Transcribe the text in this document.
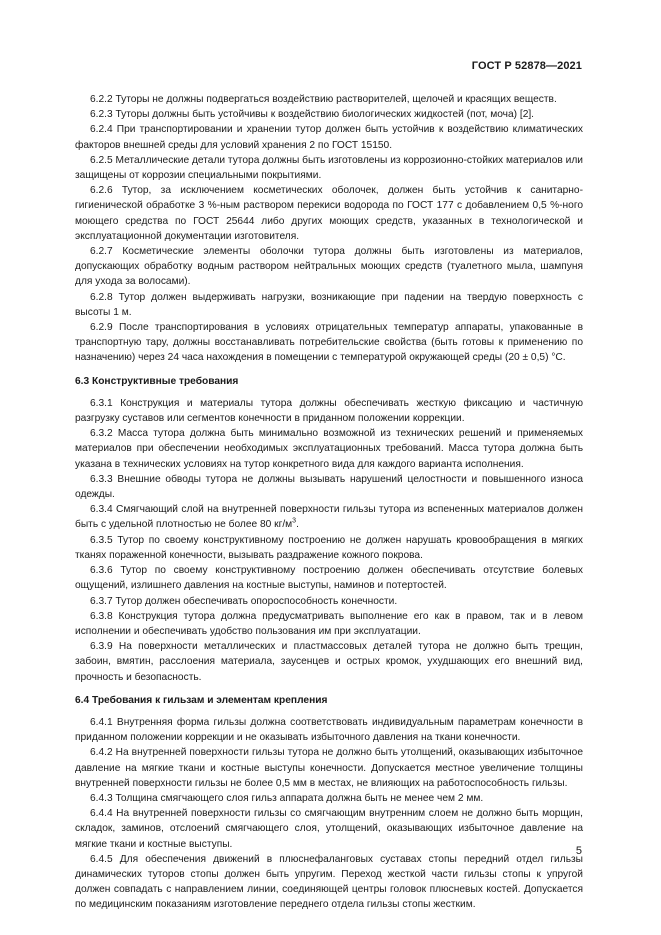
ГОСТ Р 52878—2021

6.2.2 Туторы не должны подвергаться воздействию растворителей, щелочей и красящих веществ.

6.2.3 Туторы должны быть устойчивы к воздействию биологических жидкостей (пот, моча) [2].

6.2.4 При транспортировании и хранении тутор должен быть устойчив к воздействию климатических факторов внешней среды для условий хранения 2 по ГОСТ 15150.

6.2.5 Металлические детали тутора должны быть изготовлены из коррозионно-стойких материалов или защищены от коррозии специальными покрытиями.

6.2.6 Тутор, за исключением косметических оболочек, должен быть устойчив к санитарно-гигиенической обработке 3 %-ным раствором перекиси водорода по ГОСТ 177 с добавлением 0,5 %-ного моющего средства по ГОСТ 25644 либо других моющих средств, указанных в технологической и эксплуатационной документации изготовителя.

6.2.7 Косметические элементы оболочки тутора должны быть изготовлены из материалов, допускающих обработку водным раствором нейтральных моющих средств (туалетного мыла, шампуня для ухода за волосами).

6.2.8 Тутор должен выдерживать нагрузки, возникающие при падении на твердую поверхность с высоты 1 м.

6.2.9 После транспортирования в условиях отрицательных температур аппараты, упакованные в транспортную тару, должны восстанавливать потребительские свойства (быть готовы к применению по назначению) через 24 часа нахождения в помещении с температурой окружающей среды (20 ± 0,5) °С.

6.3 Конструктивные требования

6.3.1 Конструкция и материалы тутора должны обеспечивать жесткую фиксацию и частичную разгрузку суставов или сегментов конечности в приданном положении коррекции.

6.3.2 Масса тутора должна быть минимально возможной из технических решений и применяемых материалов при обеспечении необходимых эксплуатационных требований. Масса тутора должна быть указана в технических условиях на тутор конкретного вида для каждого варианта исполнения.

6.3.3 Внешние обводы тутора не должны вызывать нарушений целостности и повышенного износа одежды.

6.3.4 Смягчающий слой на внутренней поверхности гильзы тутора из вспененных материалов должен быть с удельной плотностью не более 80 $кг/м^3$.

6.3.5 Тутор по своему конструктивному построению не должен нарушать кровообращения в мягких тканях пораженной конечности, вызывать раздражение кожного покрова.

6.3.6 Тутор по своему конструктивному построению должен обеспечивать отсутствие болевых ощущений, излишнего давления на костные выступы, наминов и потертостей.

6.3.7 Тутор должен обеспечивать опороспособность конечности.

6.3.8 Конструкция тутора должна предусматривать выполнение его как в правом, так и в левом исполнении и обеспечивать удобство пользования им при эксплуатации.

6.3.9 На поверхности металлических и пластмассовых деталей тутора не должно быть трещин, забоин, вмятин, расслоения материала, заусенцев и острых кромок, ухудшающих его внешний вид, прочность и безопасность.

6.4 Требования к гильзам и элементам крепления

6.4.1 Внутренняя форма гильзы должна соответствовать индивидуальным параметрам конечности в приданном положении коррекции и не оказывать избыточного давления на ткани конечности.

6.4.2 На внутренней поверхности гильзы тутора не должно быть утолщений, оказывающих избыточное давление на мягкие ткани и костные выступы конечности. Допускается местное увеличение толщины внутренней поверхности гильзы не более 0,5 мм в местах, не влияющих на работоспособность гильзы.

6.4.3 Толщина смягчающего слоя гильз аппарата должна быть не менее чем 2 мм.

6.4.4 На внутренней поверхности гильзы со смягчающим внутренним слоем не должно быть морщин, складок, заминов, отслоений смягчающего слоя, утолщений, оказывающих избыточное давление на мягкие ткани и костные выступы.

6.4.5 Для обеспечения движений в плюснефаланговых суставах стопы передний отдел гильзы динамических туторов стопы должен быть упругим. Переход жесткой части гильзы стопы к упругой должен совпадать с направлением линии, соединяющей центры головок плюсневых костей. Допускается по медицинским показаниям изготовление переднего отдела гильзы стопы жестким.

5
